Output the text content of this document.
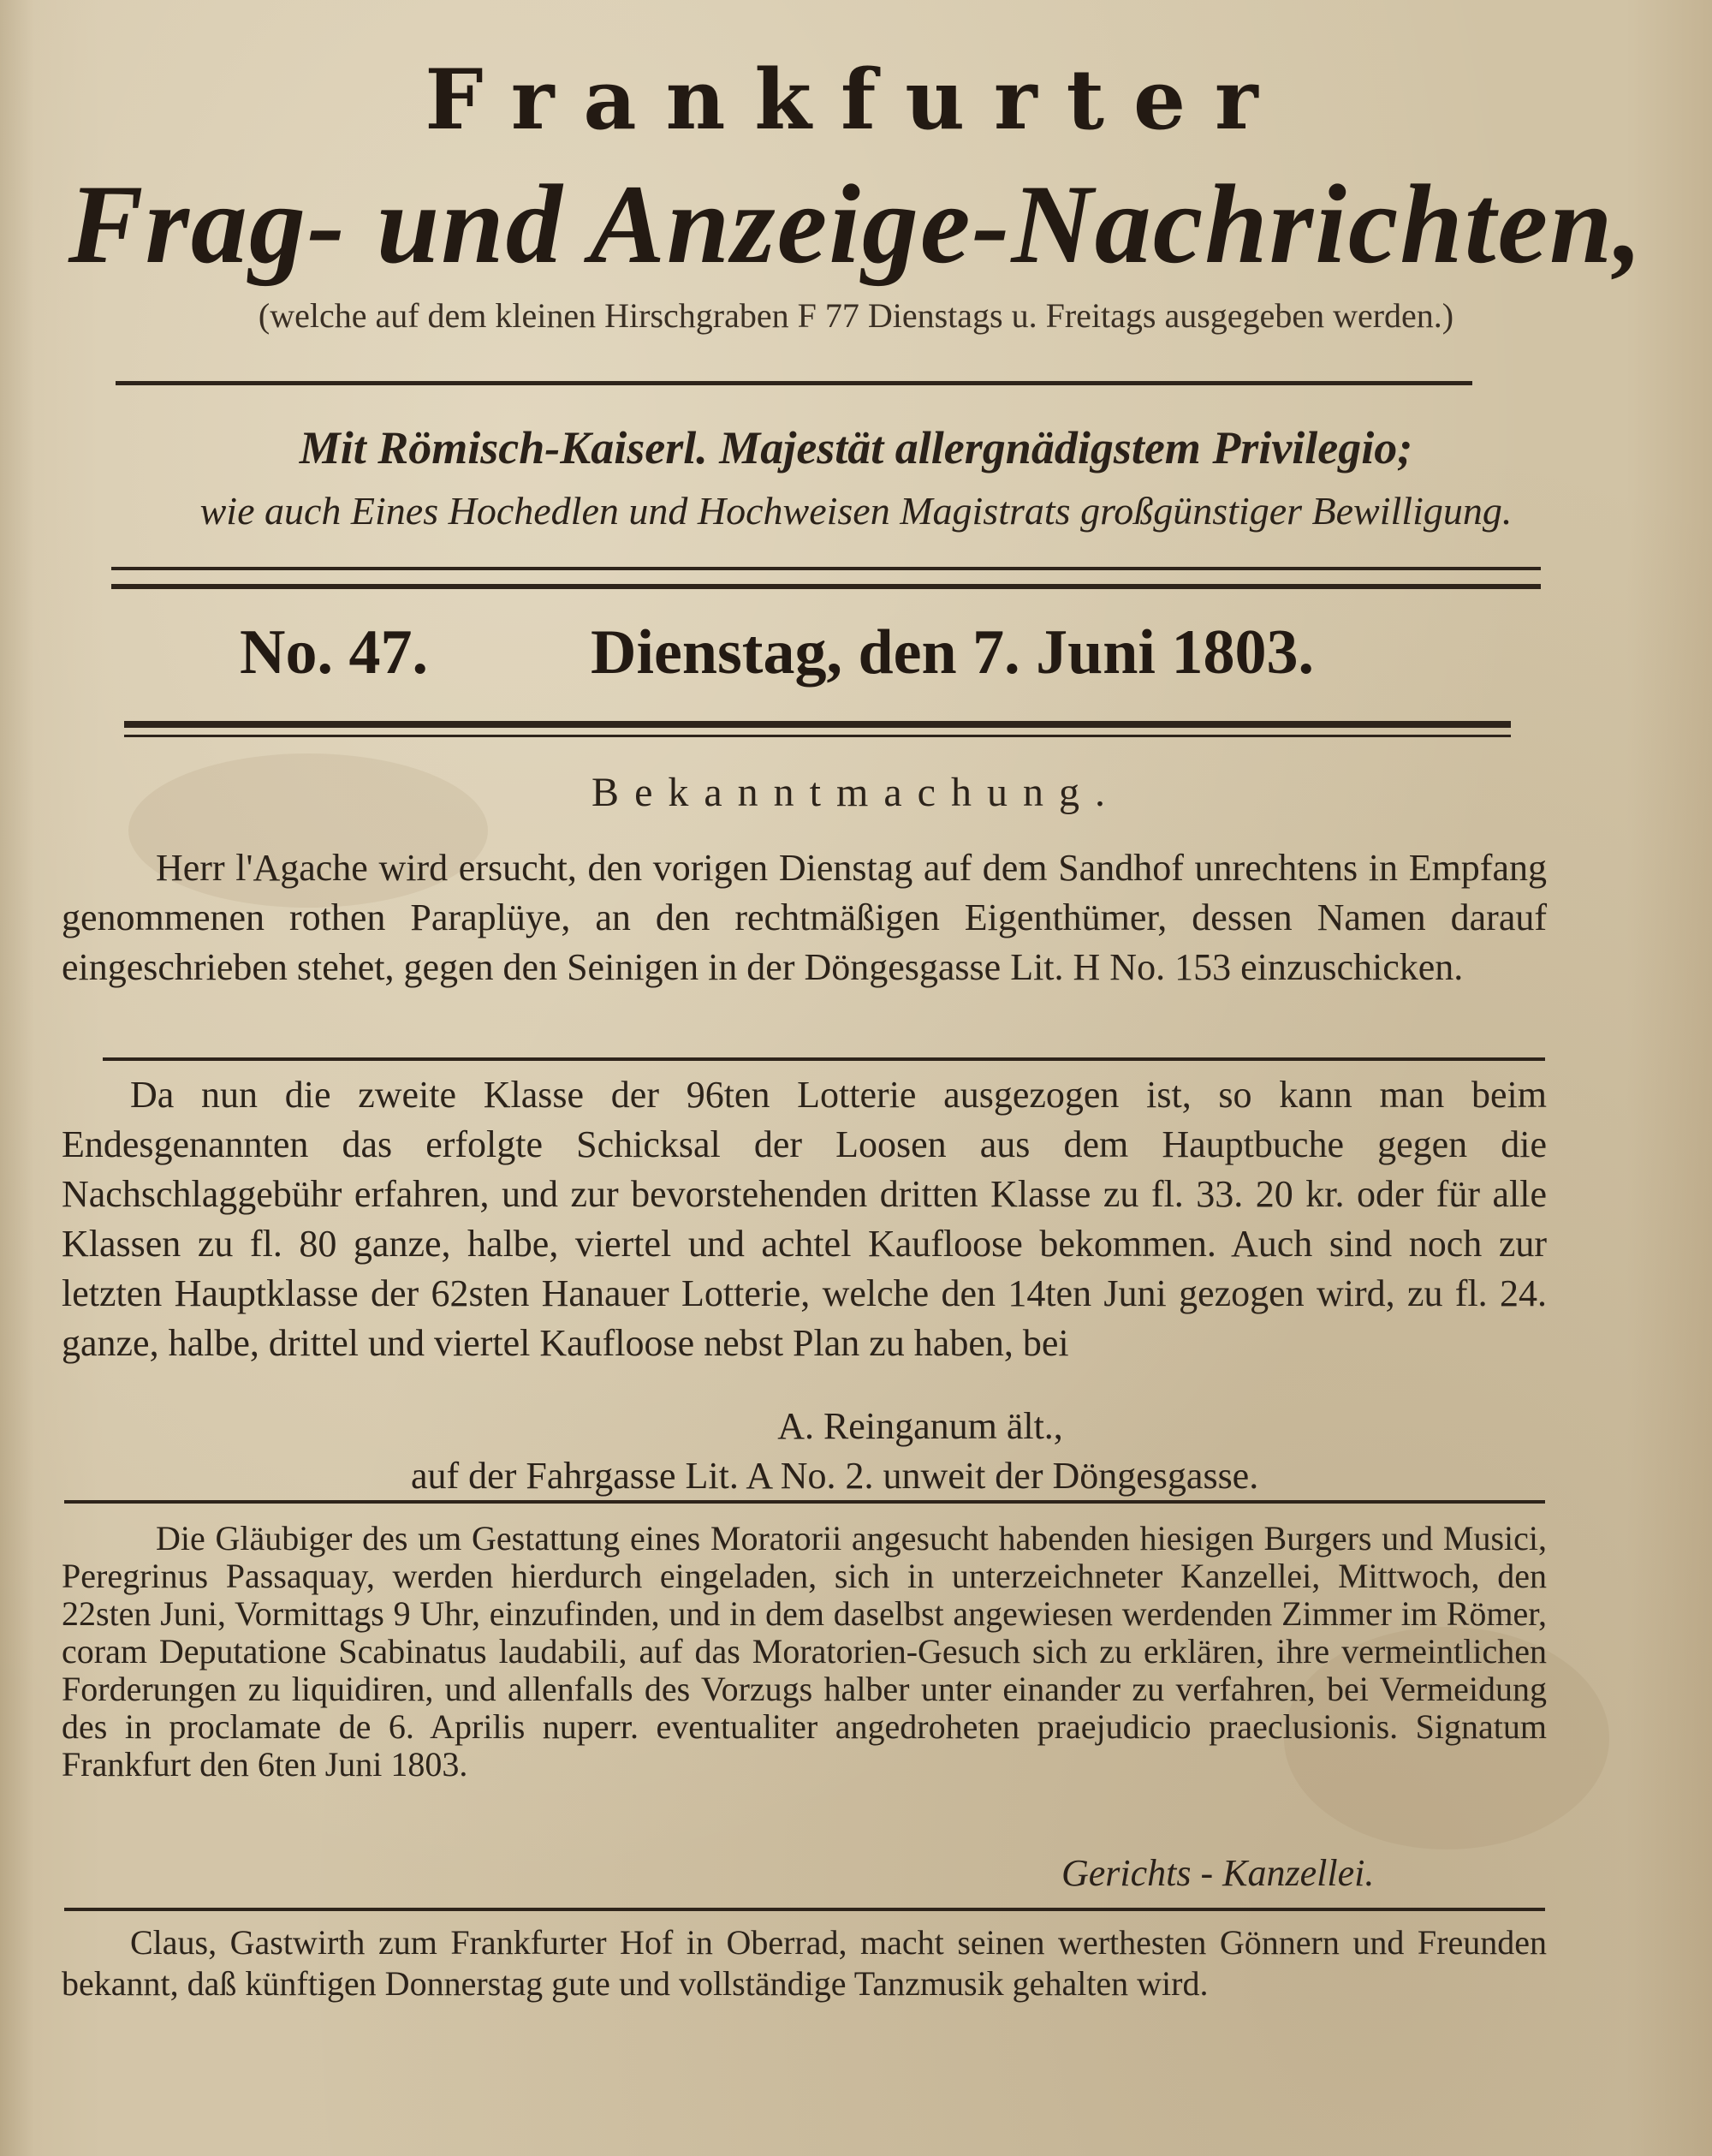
Frankfurter
Frag- und Anzeige-Nachrichten,
(welche auf dem kleinen Hirschgraben F 77 Dienstags u. Freitags ausgegeben werden.)
Mit Römisch-Kaiserl. Majestät allergnädigstem Privilegio;
wie auch Eines Hochedlen und Hochweisen Magistrats großgünstiger Bewilligung.
No. 47.	Dienstag, den 7. Juni 1803.
Bekanntmachung.

Herr l'Agache wird ersucht, den vorigen Dienstag auf dem Sandhof unrechtens in Empfang genommenen rothen Paraplüye, an den rechtmäßigen Eigenthümer, dessen Namen darauf eingeschrieben stehet, gegen den Seinigen in der Döngesgasse Lit. H No. 153 einzuschicken.

Da nun die zweite Klasse der 96ten Lotterie ausgezogen ist, so kann man beim Endesgenannten das erfolgte Schicksal der Loosen aus dem Hauptbuche gegen die Nachschlaggebühr erfahren, und zur bevorstehenden dritten Klasse zu fl. 33. 20 kr. oder für alle Klassen zu fl. 80 ganze, halbe, viertel und achtel Kaufloose bekommen. Auch sind noch zur letzten Hauptklasse der 62sten Hanauer Lotterie, welche den 14ten Juni gezogen wird, zu fl. 24. ganze, halbe, drittel und viertel Kaufloose nebst Plan zu haben, bei

A. Reinganum ält.,
auf der Fahrgasse Lit. A No. 2. unweit der Döngesgasse.

Die Gläubiger des um Gestattung eines Moratorii angesucht habenden hiesigen Burgers und Musici, Peregrinus Passaquay, werden hierdurch eingeladen, sich in unterzeichneter Kanzellei, Mittwoch, den 22sten Juni, Vormittags 9 Uhr, einzufinden, und in dem daselbst angewiesen werdenden Zimmer im Römer, coram Deputatione Scabinatus laudabili, auf das Moratorien-Gesuch sich zu erklären, ihre vermeintlichen Forderungen zu liquidiren, und allenfalls des Vorzugs halber unter einander zu verfahren, bei Vermeidung des in proclamate de 6. Aprilis nuperr. eventualiter angedroheten praejudicio praeclusionis. Signatum Frankfurt den 6ten Juni 1803.

Gerichts - Kanzellei.

Claus, Gastwirth zum Frankfurter Hof in Oberrad, macht seinen werthesten Gönnern und Freunden bekannt, daß künftigen Donnerstag gute und vollständige Tanzmusik gehalten wird.
